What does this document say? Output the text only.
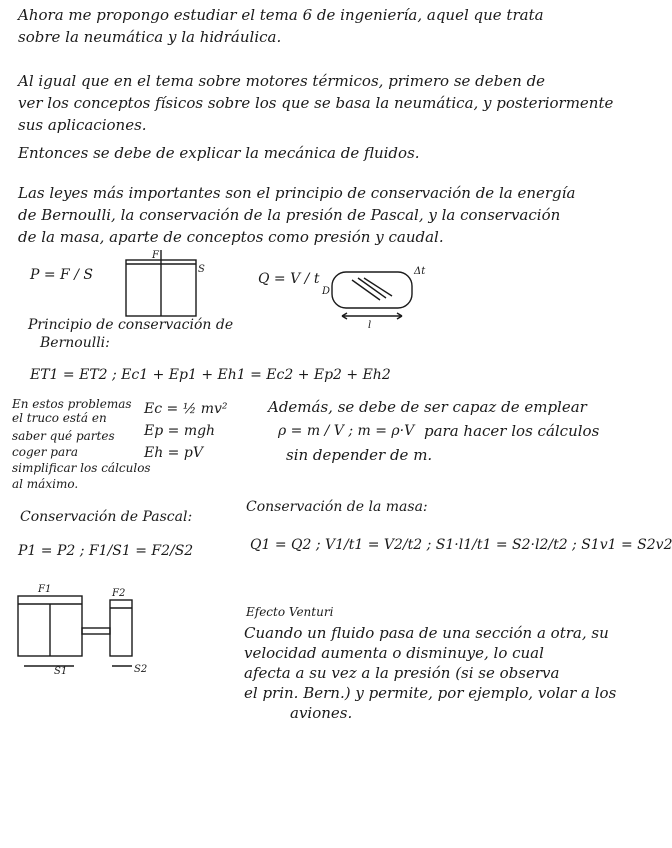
Ahora me propongo estudiar el tema 6 de ingeniería, aquel que trata
sobre la neumática y la hidráulica.
Al igual que en el tema sobre motores térmicos, primero se deben de
ver los conceptos físicos sobre los que se basa la neumática, y posteriormente
sus aplicaciones.
Entonces se debe de explicar la mecánica de fluidos.
Las leyes más importantes son el principio de conservación de la energía
de Bernoulli, la conservación de la presión de Pascal, y la conservación
de la masa, aparte de conceptos como presión y caudal.
P = F / S
F
S
Q = V / t
D
Δt
l
Principio de conservación de
Bernoulli:
ET1 = ET2 ; Ec1 + Ep1 + Eh1 = Ec2 + Ep2 + Eh2
En estos problemas
el truco está en
saber qué partes
coger para
simplificar los cálculos
al máximo.
Ec = ½ mv²
Ep = mgh
Eh = pV
Además, se debe de ser capaz de emplear
ρ = m / V ; m = ρ·V para hacer los cálculos
sin depender de m.
Conservación de Pascal:
P1 = P2 ; F1/S1 = F2/S2
Conservación de la masa:
Q1 = Q2 ; V1/t1 = V2/t2 ; S1·l1/t1 = S2·l2/t2 ; S1v1 = S2v2
F1	F2
S1	S2
Efecto Venturi
Cuando un fluido pasa de una sección a otra, su
velocidad aumenta o disminuye, lo cual
afecta a su vez a la presión (si se observa
el prin. Bern.) y permite, por ejemplo, volar a los
aviones.
